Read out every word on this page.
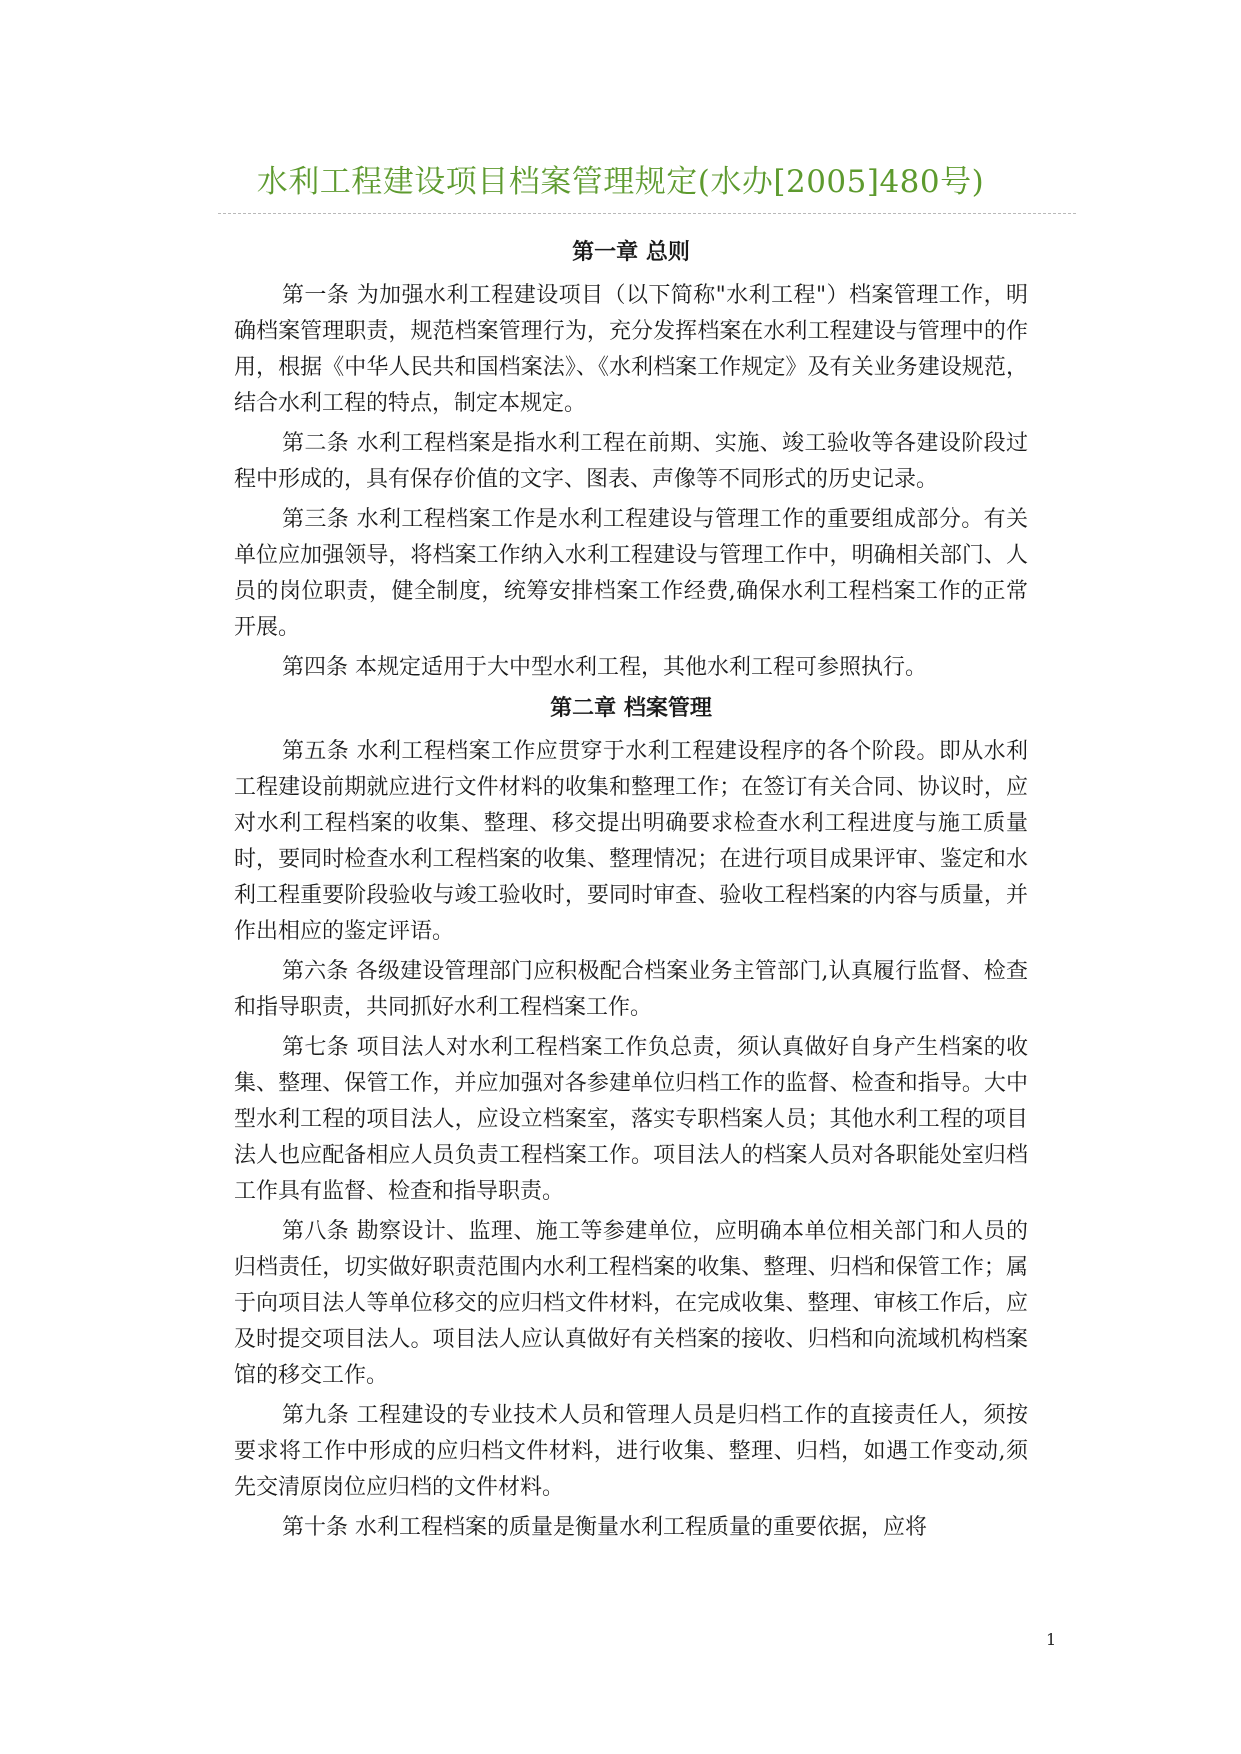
水利工程建设项目档案管理规定(水办[2005]480号)
第一章 总则

第一条 为加强水利工程建设项目（以下简称"水利工程"）档案管理工作，明确档案管理职责，规范档案管理行为，充分发挥档案在水利工程建设与管理中的作用，根据《中华人民共和国档案法》、《水利档案工作规定》及有关业务建设规范，结合水利工程的特点，制定本规定。

第二条 水利工程档案是指水利工程在前期、实施、竣工验收等各建设阶段过程中形成的，具有保存价值的文字、图表、声像等不同形式的历史记录。

第三条 水利工程档案工作是水利工程建设与管理工作的重要组成部分。有关单位应加强领导，将档案工作纳入水利工程建设与管理工作中，明确相关部门、人员的岗位职责，健全制度，统筹安排档案工作经费,确保水利工程档案工作的正常开展。

第四条 本规定适用于大中型水利工程，其他水利工程可参照执行。

第二章 档案管理

第五条 水利工程档案工作应贯穿于水利工程建设程序的各个阶段。即从水利工程建设前期就应进行文件材料的收集和整理工作；在签订有关合同、协议时，应对水利工程档案的收集、整理、移交提出明确要求检查水利工程进度与施工质量时，要同时检查水利工程档案的收集、整理情况；在进行项目成果评审、鉴定和水利工程重要阶段验收与竣工验收时，要同时审查、验收工程档案的内容与质量，并作出相应的鉴定评语。

第六条 各级建设管理部门应积极配合档案业务主管部门,认真履行监督、检查和指导职责，共同抓好水利工程档案工作。

第七条 项目法人对水利工程档案工作负总责，须认真做好自身产生档案的收集、整理、保管工作，并应加强对各参建单位归档工作的监督、检查和指导。大中型水利工程的项目法人，应设立档案室，落实专职档案人员；其他水利工程的项目法人也应配备相应人员负责工程档案工作。项目法人的档案人员对各职能处室归档工作具有监督、检查和指导职责。

第八条 勘察设计、监理、施工等参建单位，应明确本单位相关部门和人员的归档责任，切实做好职责范围内水利工程档案的收集、整理、归档和保管工作；属于向项目法人等单位移交的应归档文件材料，在完成收集、整理、审核工作后，应及时提交项目法人。项目法人应认真做好有关档案的接收、归档和向流域机构档案馆的移交工作。

第九条 工程建设的专业技术人员和管理人员是归档工作的直接责任人，须按要求将工作中形成的应归档文件材料，进行收集、整理、归档，如遇工作变动,须先交清原岗位应归档的文件材料。

第十条 水利工程档案的质量是衡量水利工程质量的重要依据，应将

1
